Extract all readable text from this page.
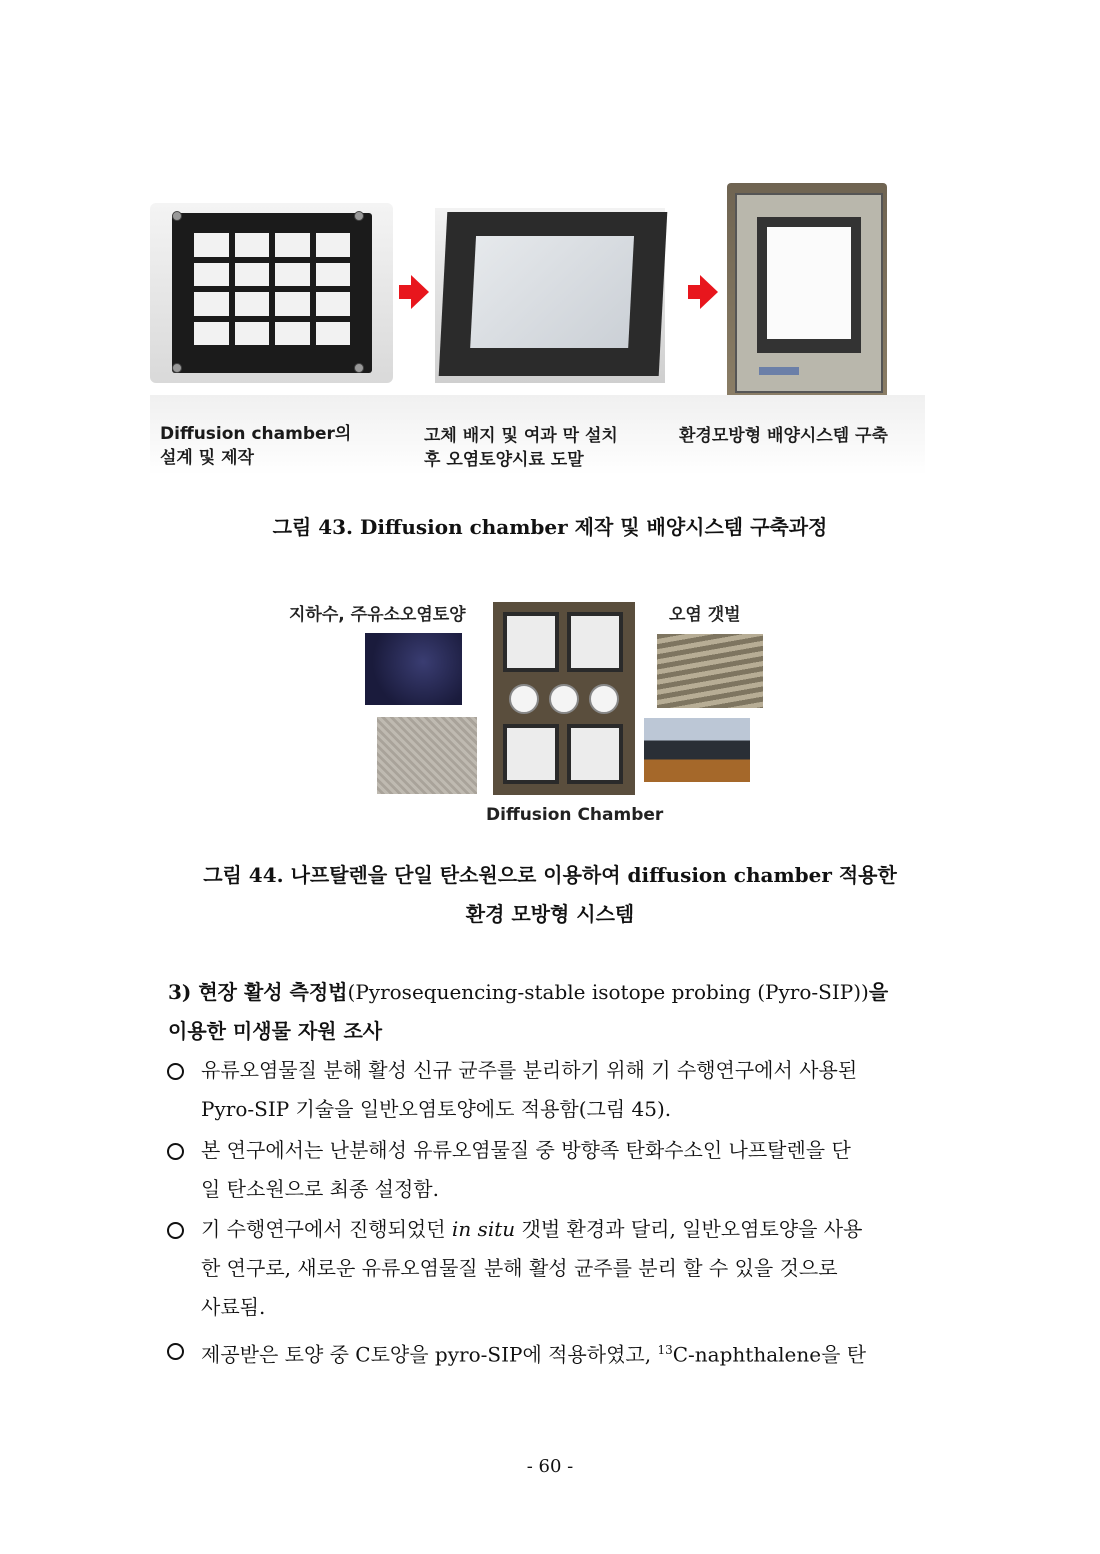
Diffusion chamber의
설계 및 제작
고체 배지 및 여과 막 설치
후 오염토양시료 도말
환경모방형 배양시스템 구축
그림 43. Diffusion chamber 제작 및 배양시스템 구축과정
지하수, 주유소오염토양	오염 갯벌
Diffusion Chamber
그림 44. 나프탈렌을 단일 탄소원으로 이용하여 diffusion chamber 적용한
환경 모방형 시스템
3) 현장 활성 측정법(Pyrosequencing-stable isotope probing (Pyro-SIP))을
이용한 미생물 자원 조사
유류오염물질 분해 활성 신규 균주를 분리하기 위해 기 수행연구에서 사용된
Pyro-SIP 기술을 일반오염토양에도 적용함(그림 45).
본 연구에서는 난분해성 유류오염물질 중 방향족 탄화수소인 나프탈렌을 단
일 탄소원으로 최종 설정함.
기 수행연구에서 진행되었던 in situ 갯벌 환경과 달리, 일반오염토양을 사용
한 연구로, 새로운 유류오염물질 분해 활성 균주를 분리 할 수 있을 것으로
사료됨.
제공받은 토양 중 C토양을 pyro-SIP에 적용하였고, $^{13}$C-naphthalene을 탄
- 60 -
